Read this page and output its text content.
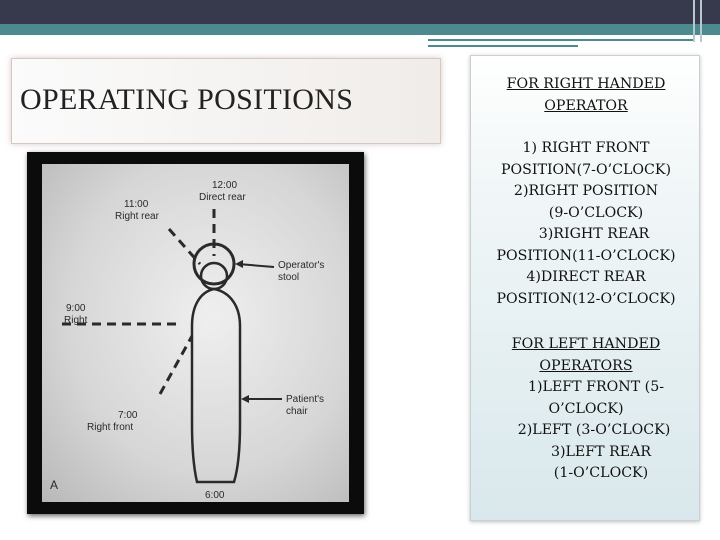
OPERATING POSITIONS
12:00
Direct rear
11:00
Right rear
Operator's
stool
9:00
Right
Patient's
chair
7:00
Right front
6:00
A

FOR RIGHT HANDED
OPERATOR

1) RIGHT FRONT
POSITION(7-O’CLOCK)
2)RIGHT POSITION
(9-O’CLOCK)
3)RIGHT REAR
POSITION(11-O’CLOCK)
4)DIRECT REAR
POSITION(12-O’CLOCK)

FOR LEFT HANDED
OPERATORS

1)LEFT FRONT (5-
O’CLOCK)
2)LEFT (3-O’CLOCK)
3)LEFT REAR
(1-O’CLOCK)
